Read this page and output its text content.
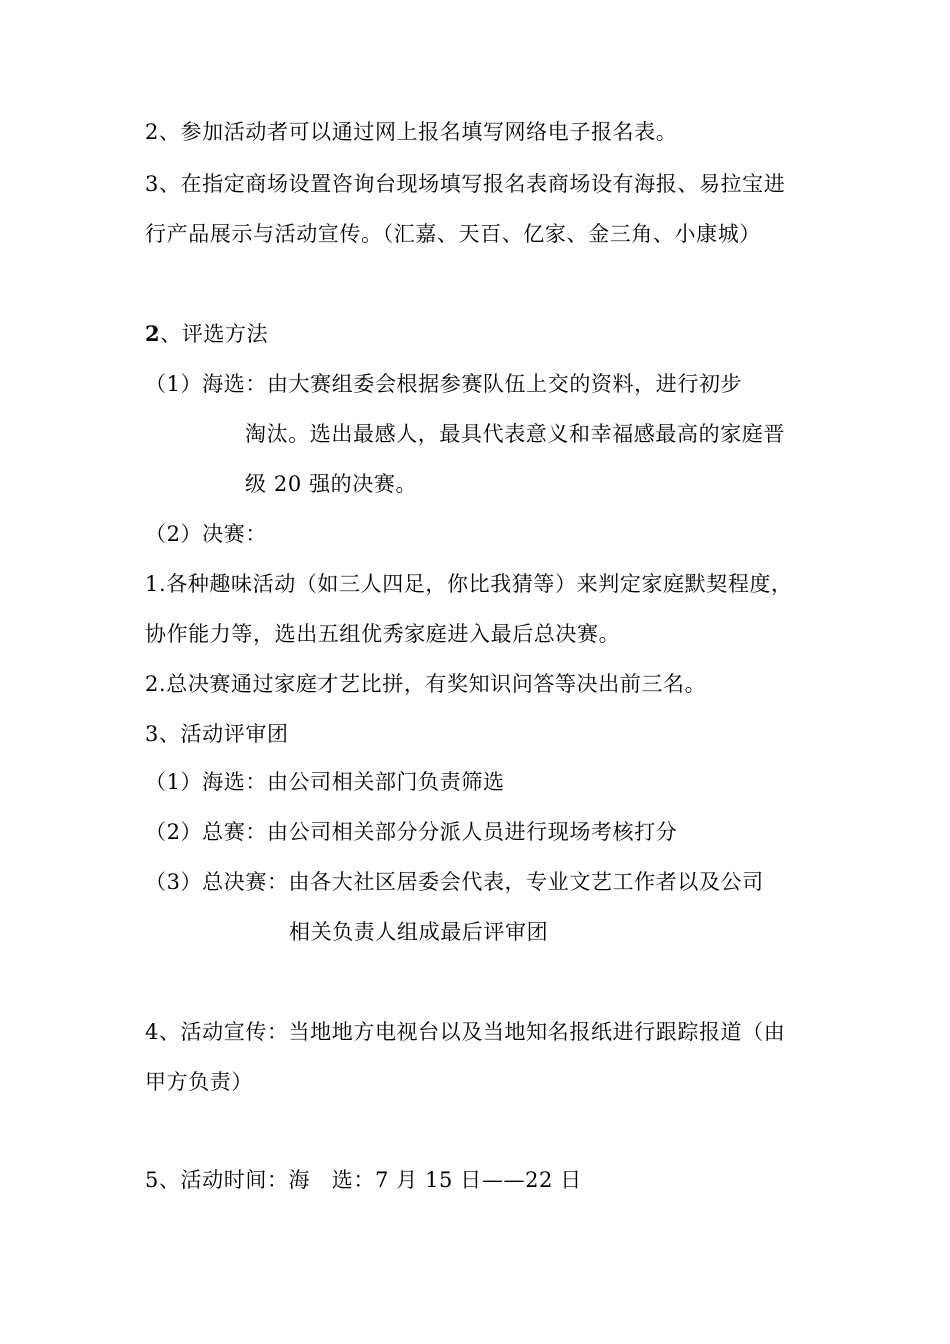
2、参加活动者可以通过网上报名填写网络电子报名表。
3、在指定商场设置咨询台现场填写报名表商场设有海报、易拉宝进
行产品展示与活动宣传。（汇嘉、天百、亿家、金三角、小康城）
2、评选方法
（1）海选：由大赛组委会根据参赛队伍上交的资料，进行初步
淘汰。选出最感人，最具代表意义和幸福感最高的家庭晋
级 20 强的决赛。
（2）决赛：
1.各种趣味活动（如三人四足，你比我猜等）来判定家庭默契程度，
协作能力等，选出五组优秀家庭进入最后总决赛。
2.总决赛通过家庭才艺比拼，有奖知识问答等决出前三名。
3、活动评审团
（1）海选：由公司相关部门负责筛选
（2）总赛：由公司相关部分分派人员进行现场考核打分
（3）总决赛：由各大社区居委会代表，专业文艺工作者以及公司
相关负责人组成最后评审团
4、活动宣传：当地地方电视台以及当地知名报纸进行跟踪报道（由
甲方负责）
5、活动时间：海　选：7 月 15 日——22 日
